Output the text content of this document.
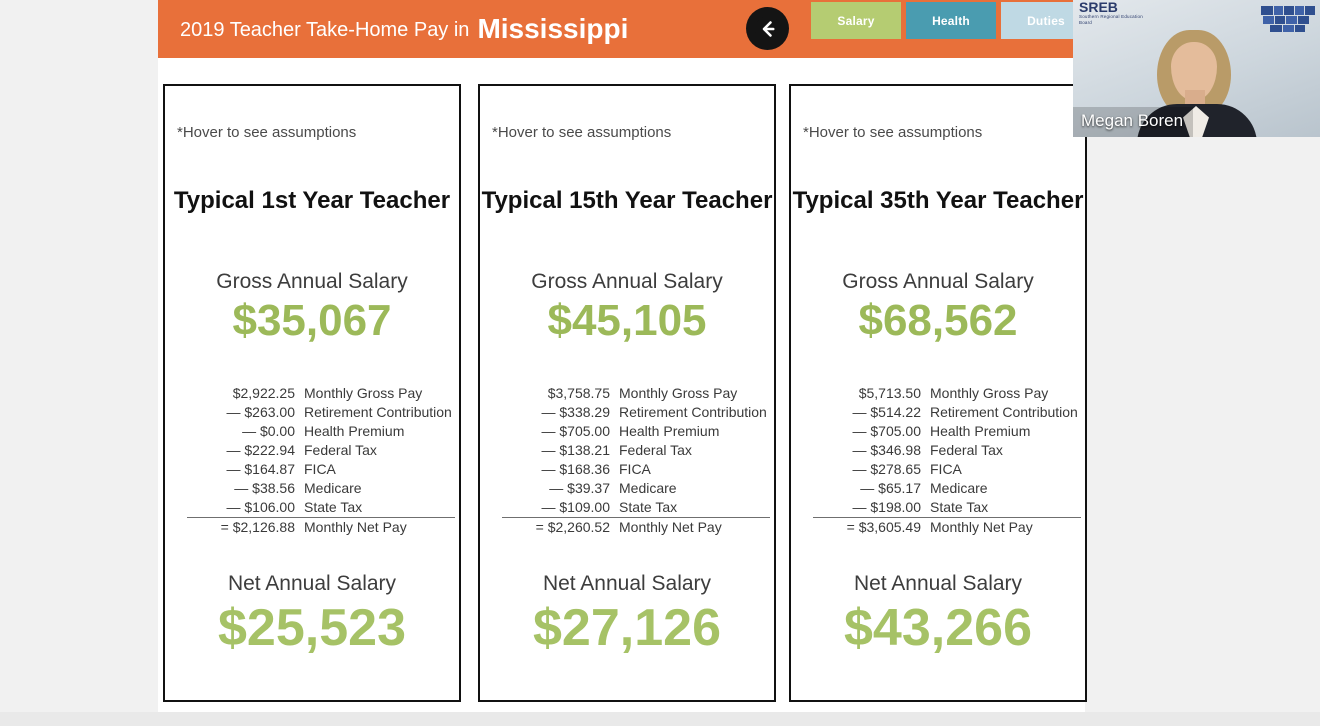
2019 Teacher Take-Home Pay in Mississippi	Salary	Health	Duties
*Hover to see assumptions
Typical 1st Year Teacher
Gross Annual Salary
$35,067
$2,922.25	Monthly Gross Pay
— $263.00	Retirement Contribution
— $0.00	Health Premium
— $222.94	Federal Tax
— $164.87	FICA
— $38.56	Medicare
— $106.00	State Tax
= $2,126.88	Monthly Net Pay
Net Annual Salary
$25,523
*Hover to see assumptions
Typical 15th Year Teacher
Gross Annual Salary
$45,105
$3,758.75	Monthly Gross Pay
— $338.29	Retirement Contribution
— $705.00	Health Premium
— $138.21	Federal Tax
— $168.36	FICA
— $39.37	Medicare
— $109.00	State Tax
= $2,260.52	Monthly Net Pay
Net Annual Salary
$27,126
*Hover to see assumptions
Typical 35th Year Teacher
Gross Annual Salary
$68,562
$5,713.50	Monthly Gross Pay
— $514.22	Retirement Contribution
— $705.00	Health Premium
— $346.98	Federal Tax
— $278.65	FICA
— $65.17	Medicare
— $198.00	State Tax
= $3,605.49	Monthly Net Pay
Net Annual Salary
$43,266
SREB
Southern Regional Education Board
Megan Boren
